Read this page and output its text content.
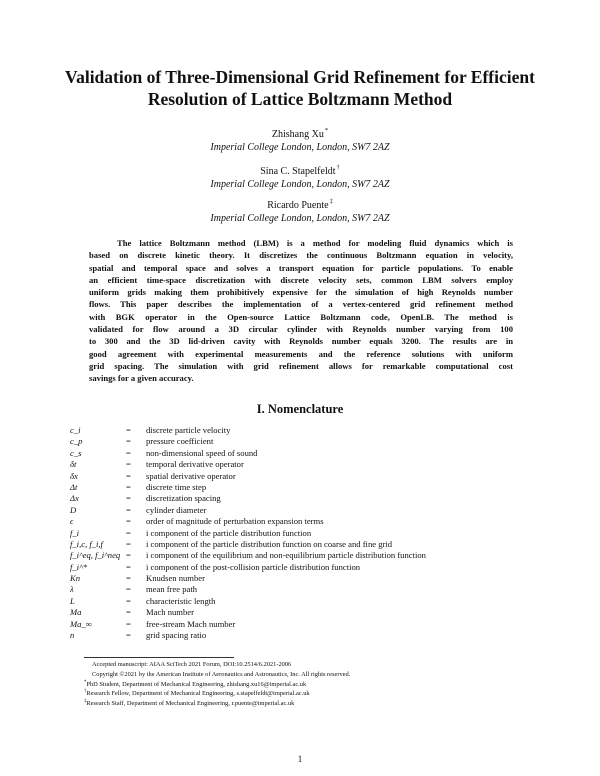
Validation of Three-Dimensional Grid Refinement for Efficient
Resolution of Lattice Boltzmann Method
Zhishang Xu*
Imperial College London, London, SW7 2AZ
Sina C. Stapelfeldt†
Imperial College London, London, SW7 2AZ
Ricardo Puente‡
Imperial College London, London, SW7 2AZ
The lattice Boltzmann method (LBM) is a method for modeling fluid dynamics which is
based on discrete kinetic theory. It discretizes the continuous Boltzmann equation in velocity,
spatial and temporal space and solves a transport equation for particle populations. To enable
an efficient time-space discretization with discrete velocity sets, common LBM solvers employ
uniform grids making them prohibitively expensive for the simulation of high Reynolds number
flows. This paper describes the implementation of a vertex-centered grid refinement method
with BGK operator in the Open-source Lattice Boltzmann code, OpenLB. The method is
validated for flow around a 3D circular cylinder with Reynolds number varying from 100
to 300 and the 3D lid-driven cavity with Reynolds number equals 3200. The results are in
good agreement with experimental measurements and the reference solutions with uniform
grid spacing. The simulation with grid refinement allows for remarkable computational cost
savings for a given accuracy.
I. Nomenclature
c_i	= discrete particle velocity
c_p	= pressure coefficient
c_s	= non-dimensional speed of sound
δt	= temporal derivative operator
δx	= spatial derivative operator
Δt	= discrete time step
Δx	= discretization spacing
D	= cylinder diameter
ϵ	= order of magnitude of perturbation expansion terms
f_i	= i component of the particle distribution function
f_i,c, f_i,f	= i component of the particle distribution function on coarse and fine grid
f_i^eq, f_i^neq = i component of the equilibrium and non-equilibrium particle distribution function
f_i^*	= i component of the post-collision particle distribution function
Kn	= Knudsen number
λ	= mean free path
L	= characteristic length
Ma	= Mach number
Ma_∞	= free-stream Mach number
n	= grid spacing ratio
Accepted manuscript: AIAA SciTech 2021 Forum, DOI:10.2514/6.2021-2006
Copyright ©2021 by the American Institute of Aeronautics and Astronautics, Inc. All rights reserved.
*PhD Student, Department of Mechanical Engineering, zhishang.xu16@imperial.ac.uk
†Research Fellow, Department of Mechanical Engineering, s.stapelfeldt@imperial.ac.uk
‡Research Staff, Department of Mechanical Engineering, r.puente@imperial.ac.uk
1
